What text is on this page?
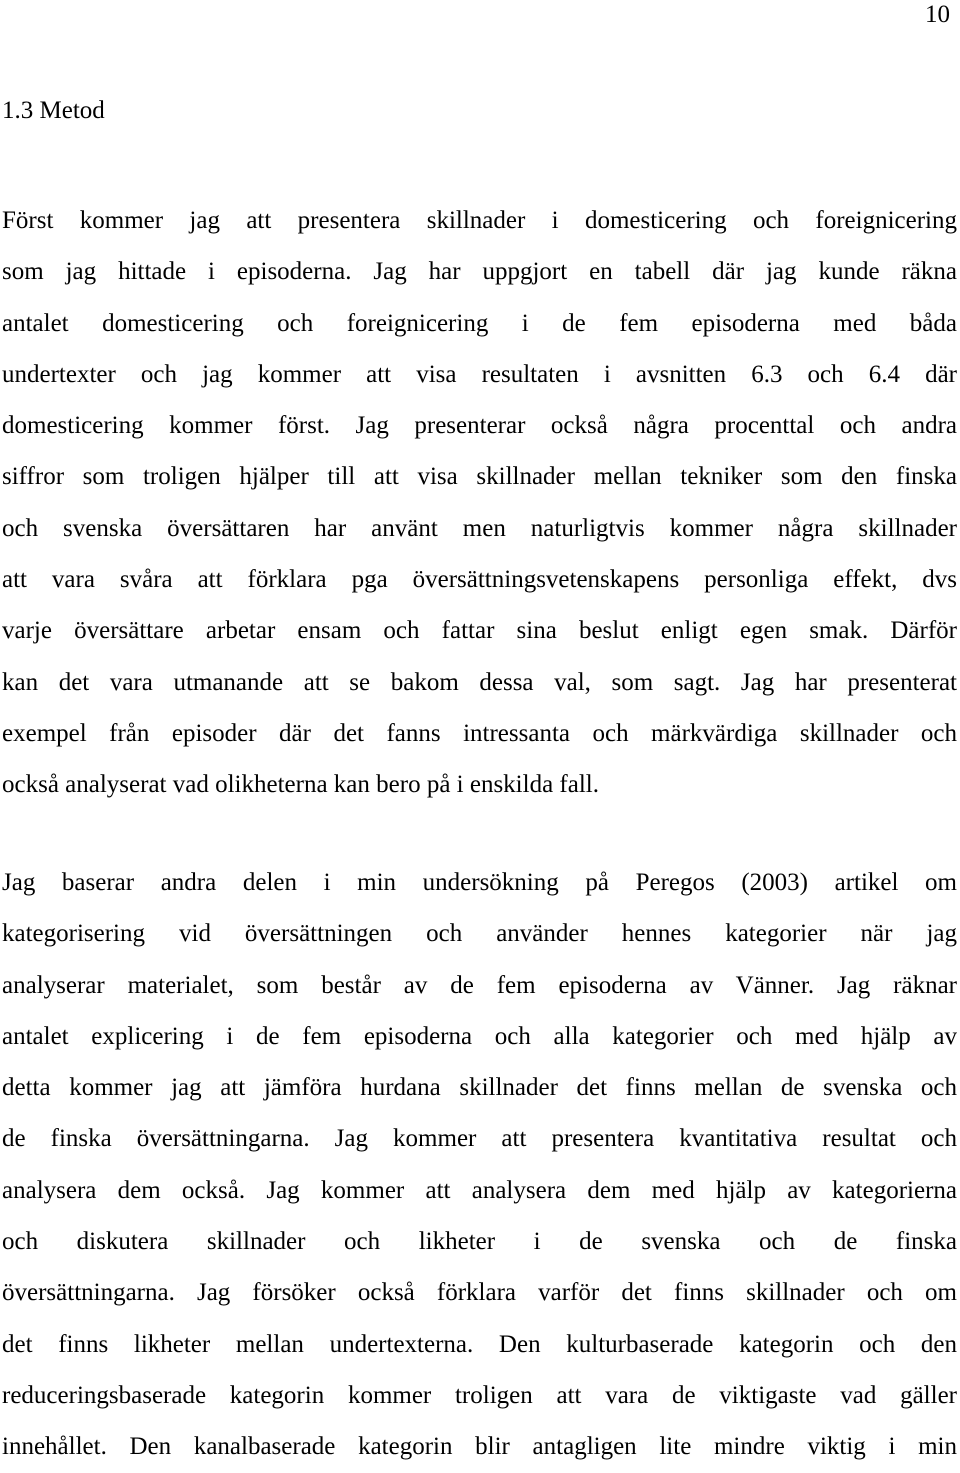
10
1.3 Metod
Först kommer jag att presentera skillnader i domesticering och foreignicering
som jag hittade i episoderna. Jag har uppgjort en tabell där jag kunde räkna
antalet domesticering och foreignicering i de fem episoderna med båda
undertexter och jag kommer att visa resultaten i avsnitten 6.3 och 6.4 där
domesticering kommer först. Jag presenterar också några procenttal och andra
siffror som troligen hjälper till att visa skillnader mellan tekniker som den finska
och svenska översättaren har använt men naturligtvis kommer några skillnader
att vara svåra att förklara pga översättningsvetenskapens personliga effekt, dvs
varje översättare arbetar ensam och fattar sina beslut enligt egen smak. Därför
kan det vara utmanande att se bakom dessa val, som sagt. Jag har presenterat
exempel från episoder där det fanns intressanta och märkvärdiga skillnader och
också analyserat vad olikheterna kan bero på i enskilda fall.
Jag baserar andra delen i min undersökning på Peregos (2003) artikel om
kategorisering vid översättningen och använder hennes kategorier när jag
analyserar materialet, som består av de fem episoderna av Vänner. Jag räknar
antalet explicering i de fem episoderna och alla kategorier och med hjälp av
detta kommer jag att jämföra hurdana skillnader det finns mellan de svenska och
de finska översättningarna. Jag kommer att presentera kvantitativa resultat och
analysera dem också. Jag kommer att analysera dem med hjälp av kategorierna
och diskutera skillnader och likheter i de svenska och de finska
översättningarna. Jag försöker också förklara varför det finns skillnader och om
det finns likheter mellan undertexterna. Den kulturbaserade kategorin och den
reduceringsbaserade kategorin kommer troligen att vara de viktigaste vad gäller
innehållet. Den kanalbaserade kategorin blir antagligen lite mindre viktig i min
